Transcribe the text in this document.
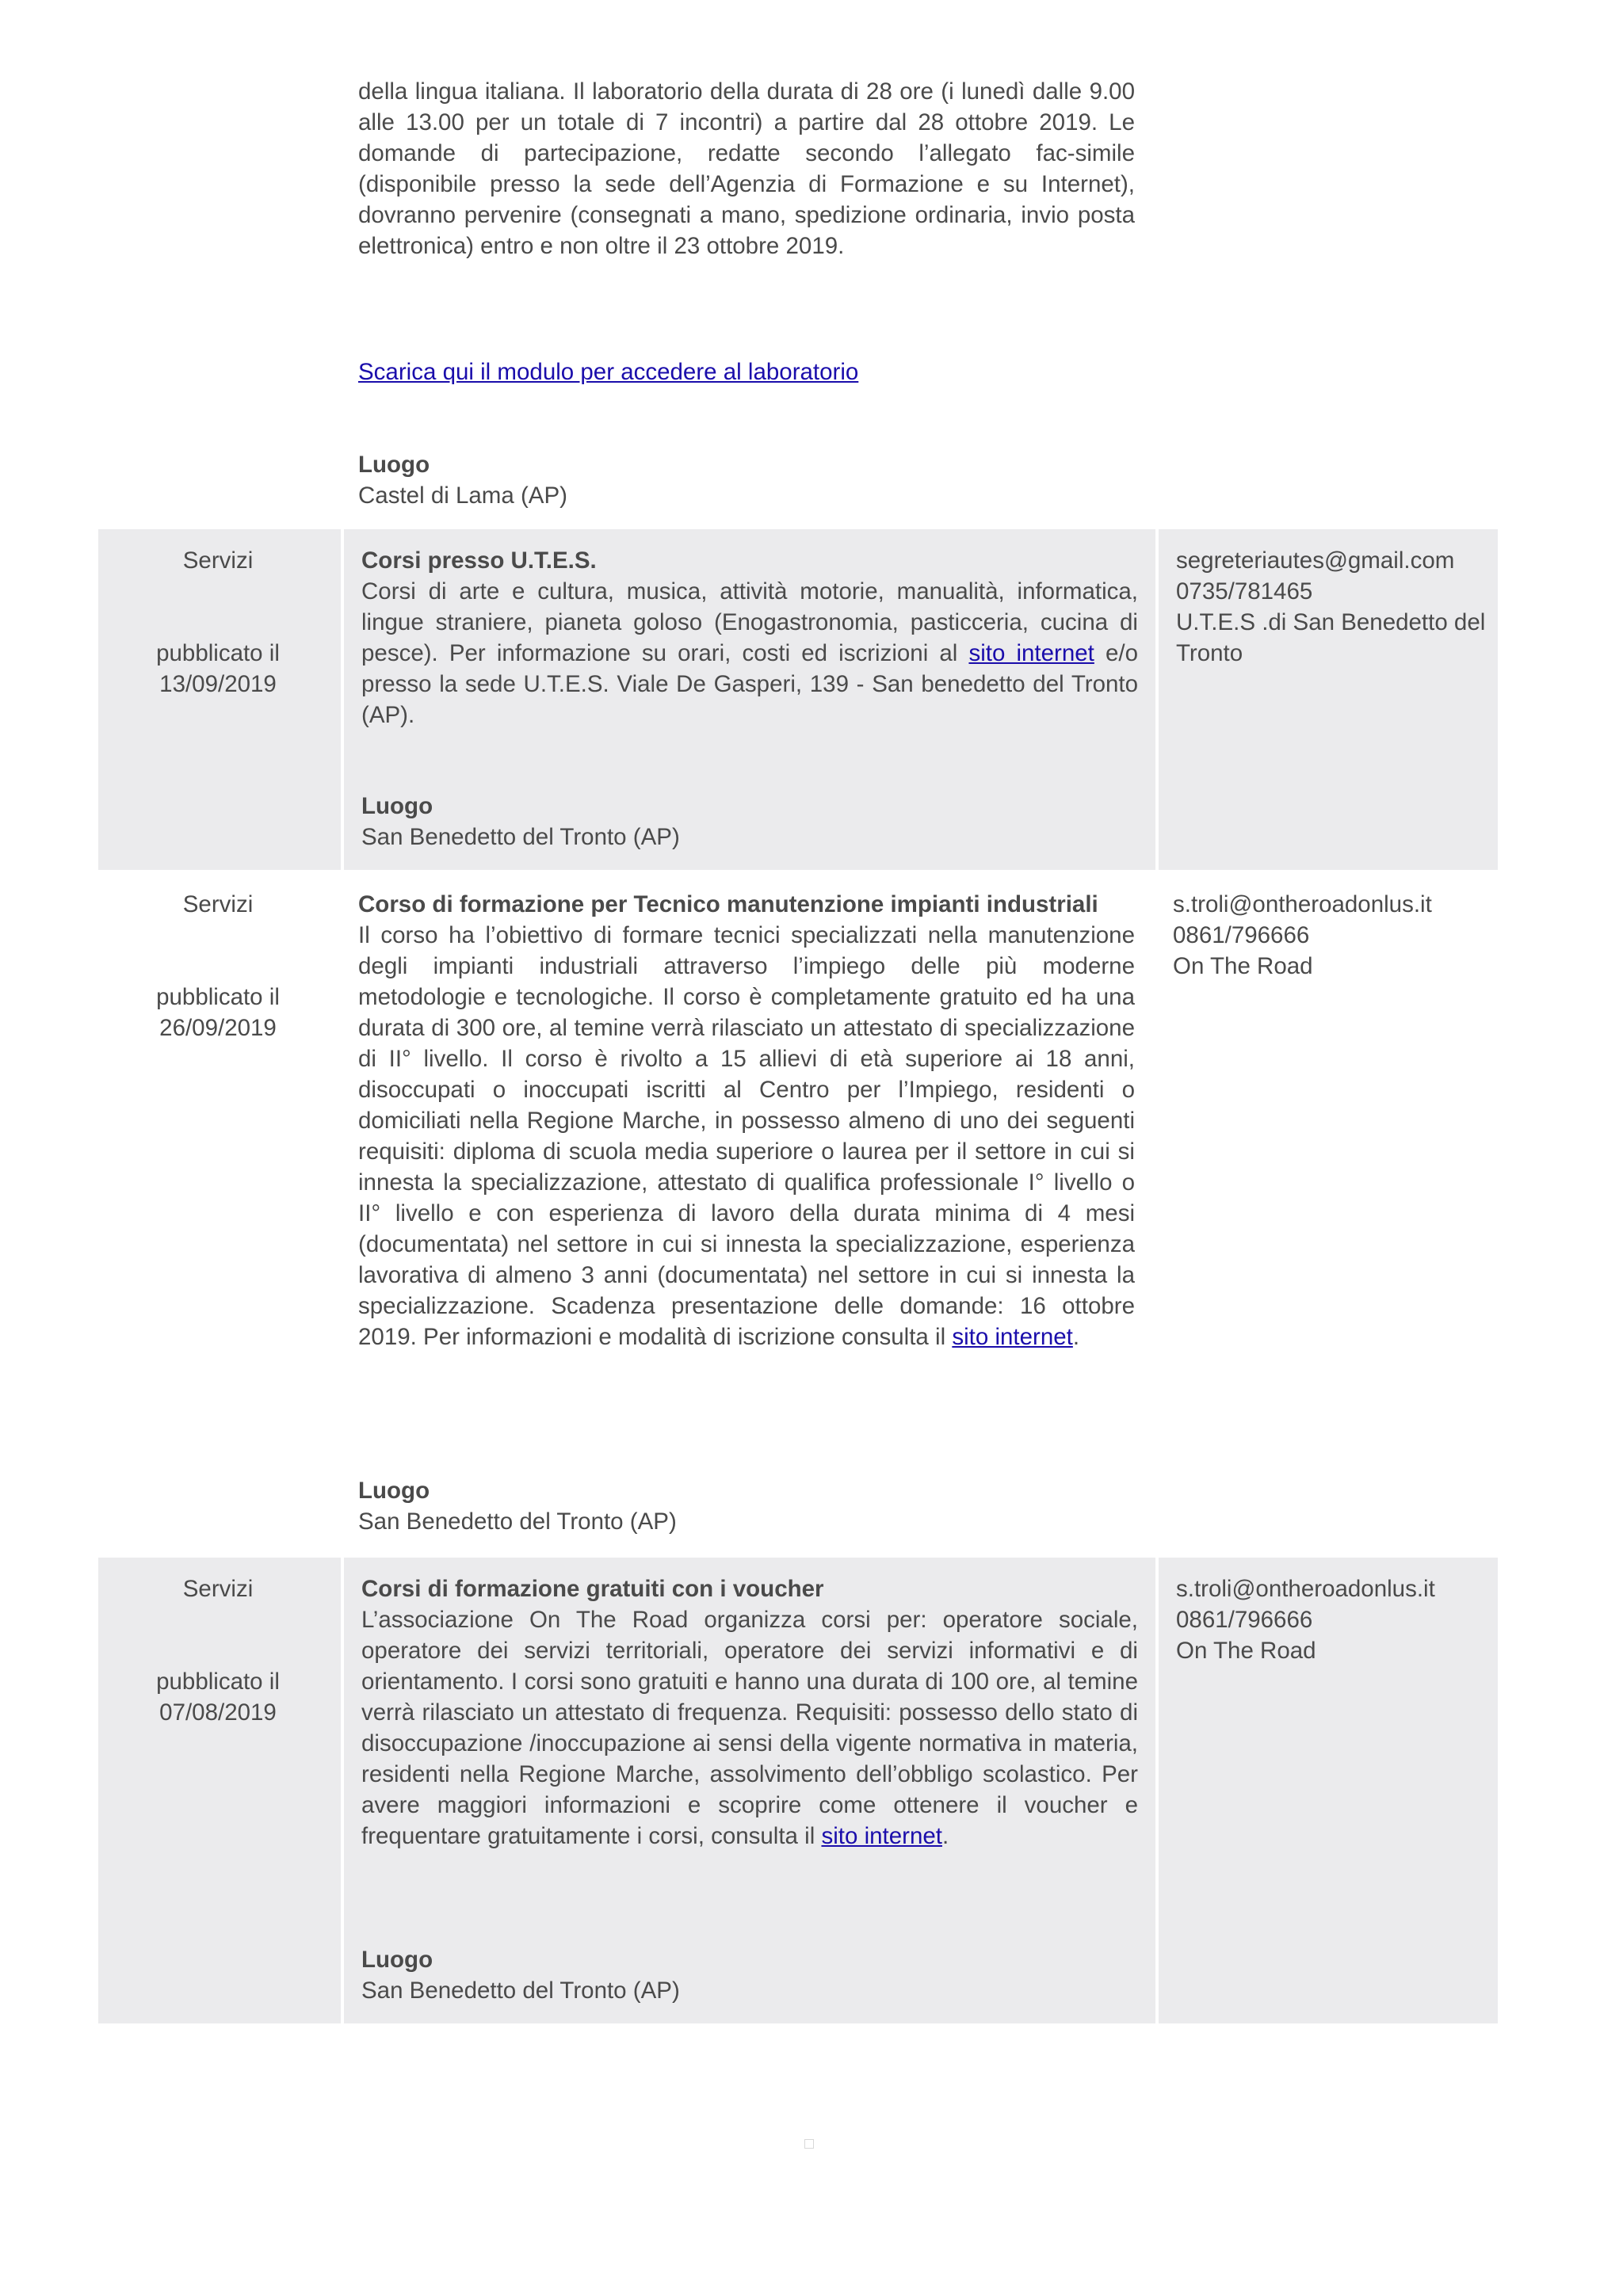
della lingua italiana. Il laboratorio della durata di 28 ore (i lunedì dalle 9.00 alle 13.00 per un totale di 7 incontri) a partire dal 28 ottobre 2019. Le domande di partecipazione, redatte secondo l’allegato fac-simile (disponibile presso la sede dell’Agenzia di Formazione e su Internet), dovranno pervenire (consegnati a mano, spedizione ordinaria, invio posta elettronica) entro e non oltre il 23 ottobre 2019.

Scarica qui il modulo per accedere al laboratorio
Luogo
Castel di Lama (AP)
Servizi
pubblicato il
13/09/2019

Corsi presso U.T.E.S.

Corsi di arte e cultura, musica, attività motorie, manualità, informatica, lingue straniere, pianeta goloso (Enogastronomia, pasticceria, cucina di pesce). Per informazione su orari, costi ed iscrizioni al sito internet e/o presso la sede U.T.E.S. Viale De Gasperi, 139 - San benedetto del Tronto (AP).

Luogo
San Benedetto del Tronto (AP)
segreteriautes@gmail.com
0735/781465
U.T.E.S .di San Benedetto del Tronto
Servizi
pubblicato il
26/09/2019

Corso di formazione per Tecnico manutenzione impianti industriali

Il corso ha l’obiettivo di formare tecnici specializzati nella manutenzione degli impianti industriali attraverso l’impiego delle più moderne metodologie e tecnologiche. Il corso è completamente gratuito ed ha una durata di 300 ore, al temine verrà rilasciato un attestato di specializzazione di II° livello. Il corso è rivolto a 15 allievi di età superiore ai 18 anni, disoccupati o inoccupati iscritti al Centro per l’Impiego, residenti o domiciliati nella Regione Marche, in possesso almeno di uno dei seguenti requisiti: diploma di scuola media superiore o laurea per il settore in cui si innesta la specializzazione, attestato di qualifica professionale I° livello o II° livello e con esperienza di lavoro della durata minima di 4 mesi (documentata) nel settore in cui si innesta la specializzazione, esperienza lavorativa di almeno 3 anni (documentata) nel settore in cui si innesta la specializzazione. Scadenza presentazione delle domande: 16 ottobre 2019. Per informazioni e modalità di iscrizione consulta il sito internet.

Luogo
San Benedetto del Tronto (AP)
s.troli@ontheroadonlus.it
0861/796666
On The Road
Servizi
pubblicato il
07/08/2019

Corsi di formazione gratuiti con i voucher

L’associazione On The Road organizza corsi per: operatore sociale, operatore dei servizi territoriali, operatore dei servizi informativi e di orientamento. I corsi sono gratuiti e hanno una durata di 100 ore, al temine verrà rilasciato un attestato di frequenza. Requisiti: possesso dello stato di disoccupazione /inoccupazione ai sensi della vigente normativa in materia, residenti nella Regione Marche, assolvimento dell’obbligo scolastico. Per avere maggiori informazioni e scoprire come ottenere il voucher e frequentare gratuitamente i corsi, consulta il sito internet.

Luogo
San Benedetto del Tronto (AP)
s.troli@ontheroadonlus.it
0861/796666
On The Road
